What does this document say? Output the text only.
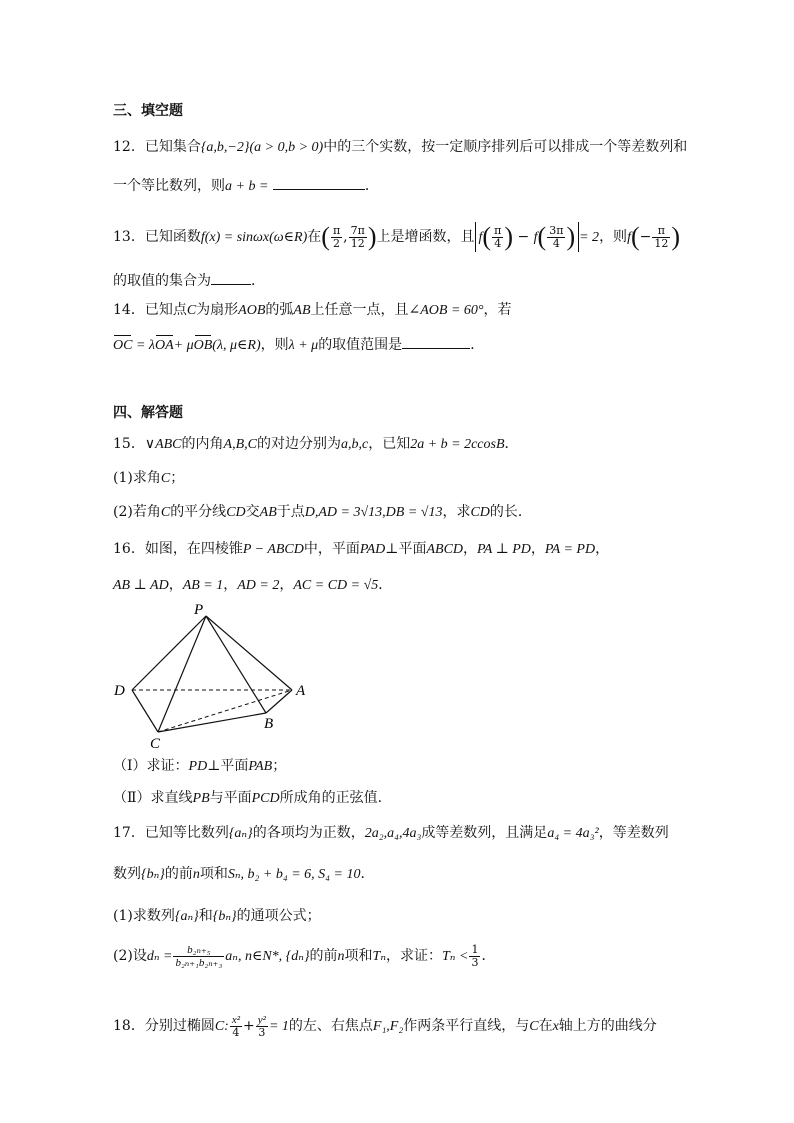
三、填空题
12．已知集合{a,b,−2}(a > 0,b > 0)中的三个实数，按一定顺序排列后可以排成一个等差数列和
一个等比数列，则a + b =	．
13．已知函数f(x) = sinωx(ω∈R)在( $\frac{\pi}{2}$ , $\frac{7\pi}{12}$ )上是增函数，且 $f( \frac{\pi}{4}$ ) − $f( \frac{3\pi}{4}$ ) = 2，则$f(- \frac{\pi}{12}$ )
的取值的集合为	．
14．已知点C为扇形AOB的弧AB上任意一点，且∠AOB = 60°，若
OC = λOA+ μOB(λ, μ∈R)，则λ + μ的取值范围是	．
四、解答题
15．∨ABC的内角A,B,C的对边分别为a,b,c，已知2a + b = 2ccosB．
(1)求角C；
(2)若角C的平分线CD交AB于点D,AD = 3√13,DB = √13，求CD的长．
16．如图，在四棱锥P − ABCD中，平面PAD⊥平面ABCD，PA ⊥ PD，PA = PD，
AB ⊥ AD，AB = 1，AD = 2，AC = CD = √5．
P
D	A
B
C
（Ⅰ）求证：PD⊥平面PAB；
（Ⅱ）求直线PB与平面PCD所成角的正弦值.
17．已知等比数列{aₙ}的各项均为正数，2a₂,a₄,4a₃成等差数列，且满足a₄ = 4a₃²，等差数列
数列{bₙ}的前n项和Sₙ, b₂ + b₄ = 6, S₄ = 10．
(1)求数列{aₙ}和{bₙ}的通项公式；
(2)设$d_n = \frac{\text{b₂ₙ₊₅}}{\text{b₂ₙ₊₁b₂ₙ₊₃}} a_n$, n∈N*, {dₙ}的前n项和Tₙ，求证：$T_n < \frac{1}{3}$ ．
18．分别过椭圆C: $\frac{\text{x²}}{4} + \frac{\text{y²}}{3} = 1$的左、右焦点F₁,F₂作两条平行直线，与C在x轴上方的曲线分
